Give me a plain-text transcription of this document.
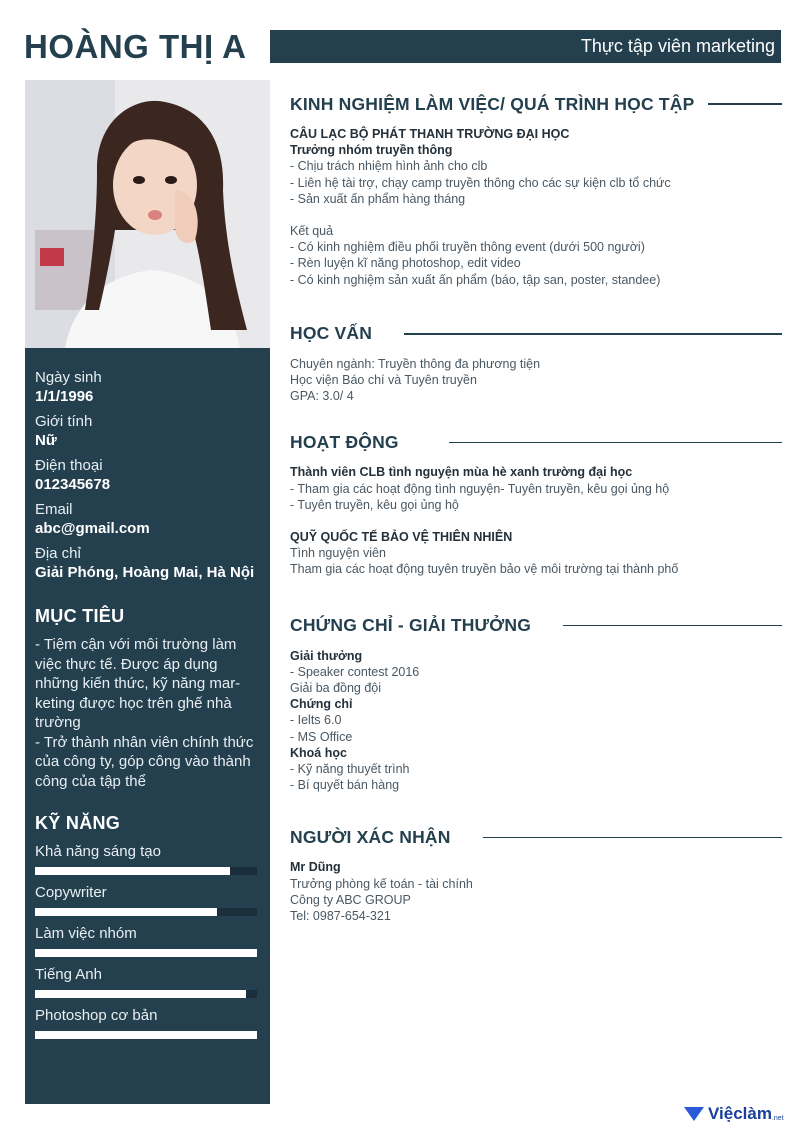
HOÀNG THỊ A	Thực tập viên marketing
Ngày sinh
1/1/1996
Giới tính
Nữ
Điện thoại
012345678
Email
abc@gmail.com
Địa chỉ
Giải Phóng, Hoàng Mai, Hà Nội
MỤC TIÊU
- Tiệm cận với môi trường làm việc thực tế. Được áp dụng những kiến thức, kỹ năng mar-keting được học trên ghế nhà trường
- Trở thành nhân viên chính thức của công ty, góp công vào thành công của tập thể
KỸ NĂNG
Khả năng sáng tạo
Copywriter
Làm việc nhóm
Tiếng Anh
Photoshop cơ bản
KINH NGHIỆM LÀM VIỆC/ QUÁ TRÌNH HỌC TẬP
CÂU LẠC BỘ PHÁT THANH TRƯỜNG ĐẠI HỌC
Trưởng nhóm truyền thông
- Chịu trách nhiệm hình ảnh cho clb
- Liên hệ tài trợ, chạy camp truyền thông cho các sự kiện clb tổ chức
- Sản xuất ấn phẩm hàng tháng
Kết quả
- Có kinh nghiệm điều phối truyền thông event (dưới 500 người)
- Rèn luyện kĩ năng photoshop, edit video
- Có kinh nghiệm sản xuất ấn phẩm (báo, tập san, poster, standee)
HỌC VẤN
Chuyên ngành: Truyền thông đa phương tiện
Học viện Báo chí và Tuyên truyền
GPA: 3.0/ 4
HOẠT ĐỘNG
Thành viên CLB tình nguyện mùa hè xanh trường đại học
- Tham gia các hoạt động tình nguyện- Tuyên truyền, kêu gọi ủng hộ
- Tuyên truyền, kêu gọi ủng hộ
QUỸ QUỐC TẾ BẢO VỆ THIÊN NHIÊN
Tình nguyện viên
Tham gia các hoạt động tuyên truyền bảo vệ môi trường tại thành phố
CHỨNG CHỈ - GIẢI THƯỞNG
Giải thưởng
- Speaker contest 2016
Giải ba đồng đội
Chứng chỉ
- Ielts 6.0
- MS Office
Khoá học
- Kỹ năng thuyết trình
- Bí quyết bán hàng
NGƯỜI XÁC NHẬN
Mr Dũng
Trưởng phòng kế toán - tài chính
Công ty ABC GROUP
Tel: 0987-654-321
Việclàm .net
